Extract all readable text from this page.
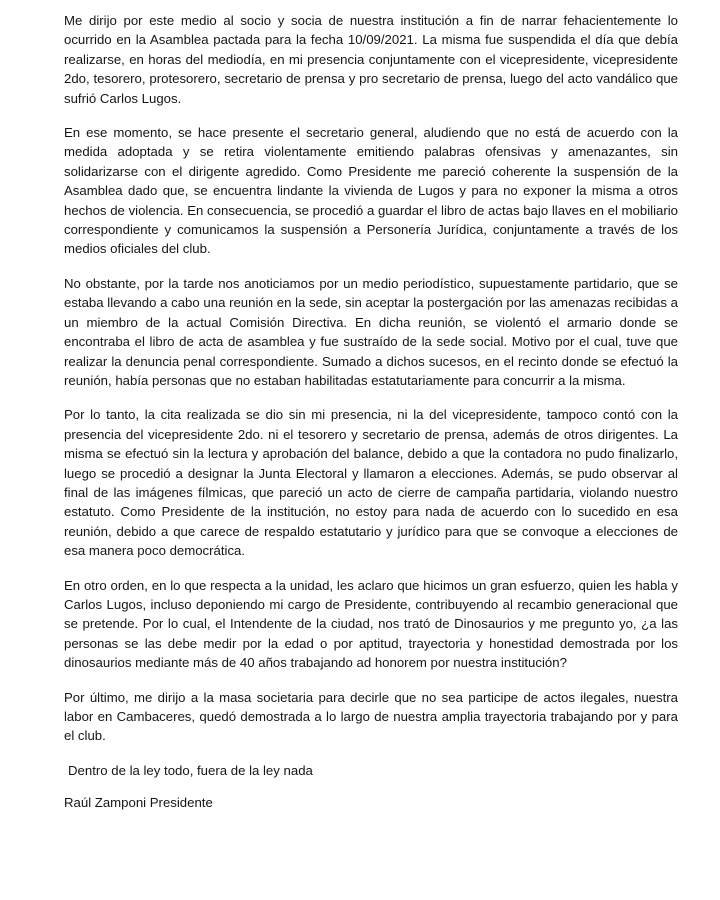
Me dirijo por este medio al socio y socia de nuestra institución a fin de narrar fehacientemente lo ocurrido en la Asamblea pactada para la fecha 10/09/2021. La misma fue suspendida el día que debía realizarse, en horas del mediodía, en mi presencia conjuntamente con el vicepresidente, vicepresidente 2do, tesorero, protesorero, secretario de prensa y pro secretario de prensa, luego del acto vandálico que sufrió Carlos Lugos.

En ese momento, se hace presente el secretario general, aludiendo que no está de acuerdo con la medida adoptada y se retira violentamente emitiendo palabras ofensivas y amenazantes, sin solidarizarse con el dirigente agredido. Como Presidente me pareció coherente la suspensión de la Asamblea dado que, se encuentra lindante la vivienda de Lugos y para no exponer la misma a otros hechos de violencia. En consecuencia, se procedió a guardar el libro de actas bajo llaves en el mobiliario correspondiente y comunicamos la suspensión a Personería Jurídica, conjuntamente a través de los medios oficiales del club.

No obstante, por la tarde nos anoticiamos por un medio periodístico, supuestamente partidario, que se estaba llevando a cabo una reunión en la sede, sin aceptar la postergación por las amenazas recibidas a un miembro de la actual Comisión Directiva. En dicha reunión, se violentó el armario donde se encontraba el libro de acta de asamblea y fue sustraído de la sede social. Motivo por el cual, tuve que realizar la denuncia penal correspondiente. Sumado a dichos sucesos, en el recinto donde se efectuó la reunión, había personas que no estaban habilitadas estatutariamente para concurrir a la misma.

Por lo tanto, la cita realizada se dio sin mi presencia, ni la del vicepresidente, tampoco contó con la presencia del vicepresidente 2do. ni el tesorero y secretario de prensa, además de otros dirigentes. La misma se efectuó sin la lectura y aprobación del balance, debido a que la contadora no pudo finalizarlo, luego se procedió a designar la Junta Electoral y llamaron a elecciones. Además, se pudo observar al final de las imágenes fílmicas, que pareció un acto de cierre de campaña partidaria, violando nuestro estatuto. Como Presidente de la institución, no estoy para nada de acuerdo con lo sucedido en esa reunión, debido a que carece de respaldo estatutario y jurídico para que se convoque a elecciones de esa manera poco democrática.

En otro orden, en lo que respecta a la unidad, les aclaro que hicimos un gran esfuerzo, quien les habla y Carlos Lugos, incluso deponiendo mi cargo de Presidente, contribuyendo al recambio generacional que se pretende. Por lo cual, el Intendente de la ciudad, nos trató de Dinosaurios y me pregunto yo, ¿a las personas se las debe medir por la edad o por aptitud, trayectoria y honestidad demostrada por los dinosaurios mediante más de 40 años trabajando ad honorem por nuestra institución?

Por último, me dirijo a la masa societaria para decirle que no sea participe de actos ilegales, nuestra labor en Cambaceres, quedó demostrada a lo largo de nuestra amplia trayectoria trabajando por y para el club.

Dentro de la ley todo, fuera de la ley nada

Raúl Zamponi Presidente
